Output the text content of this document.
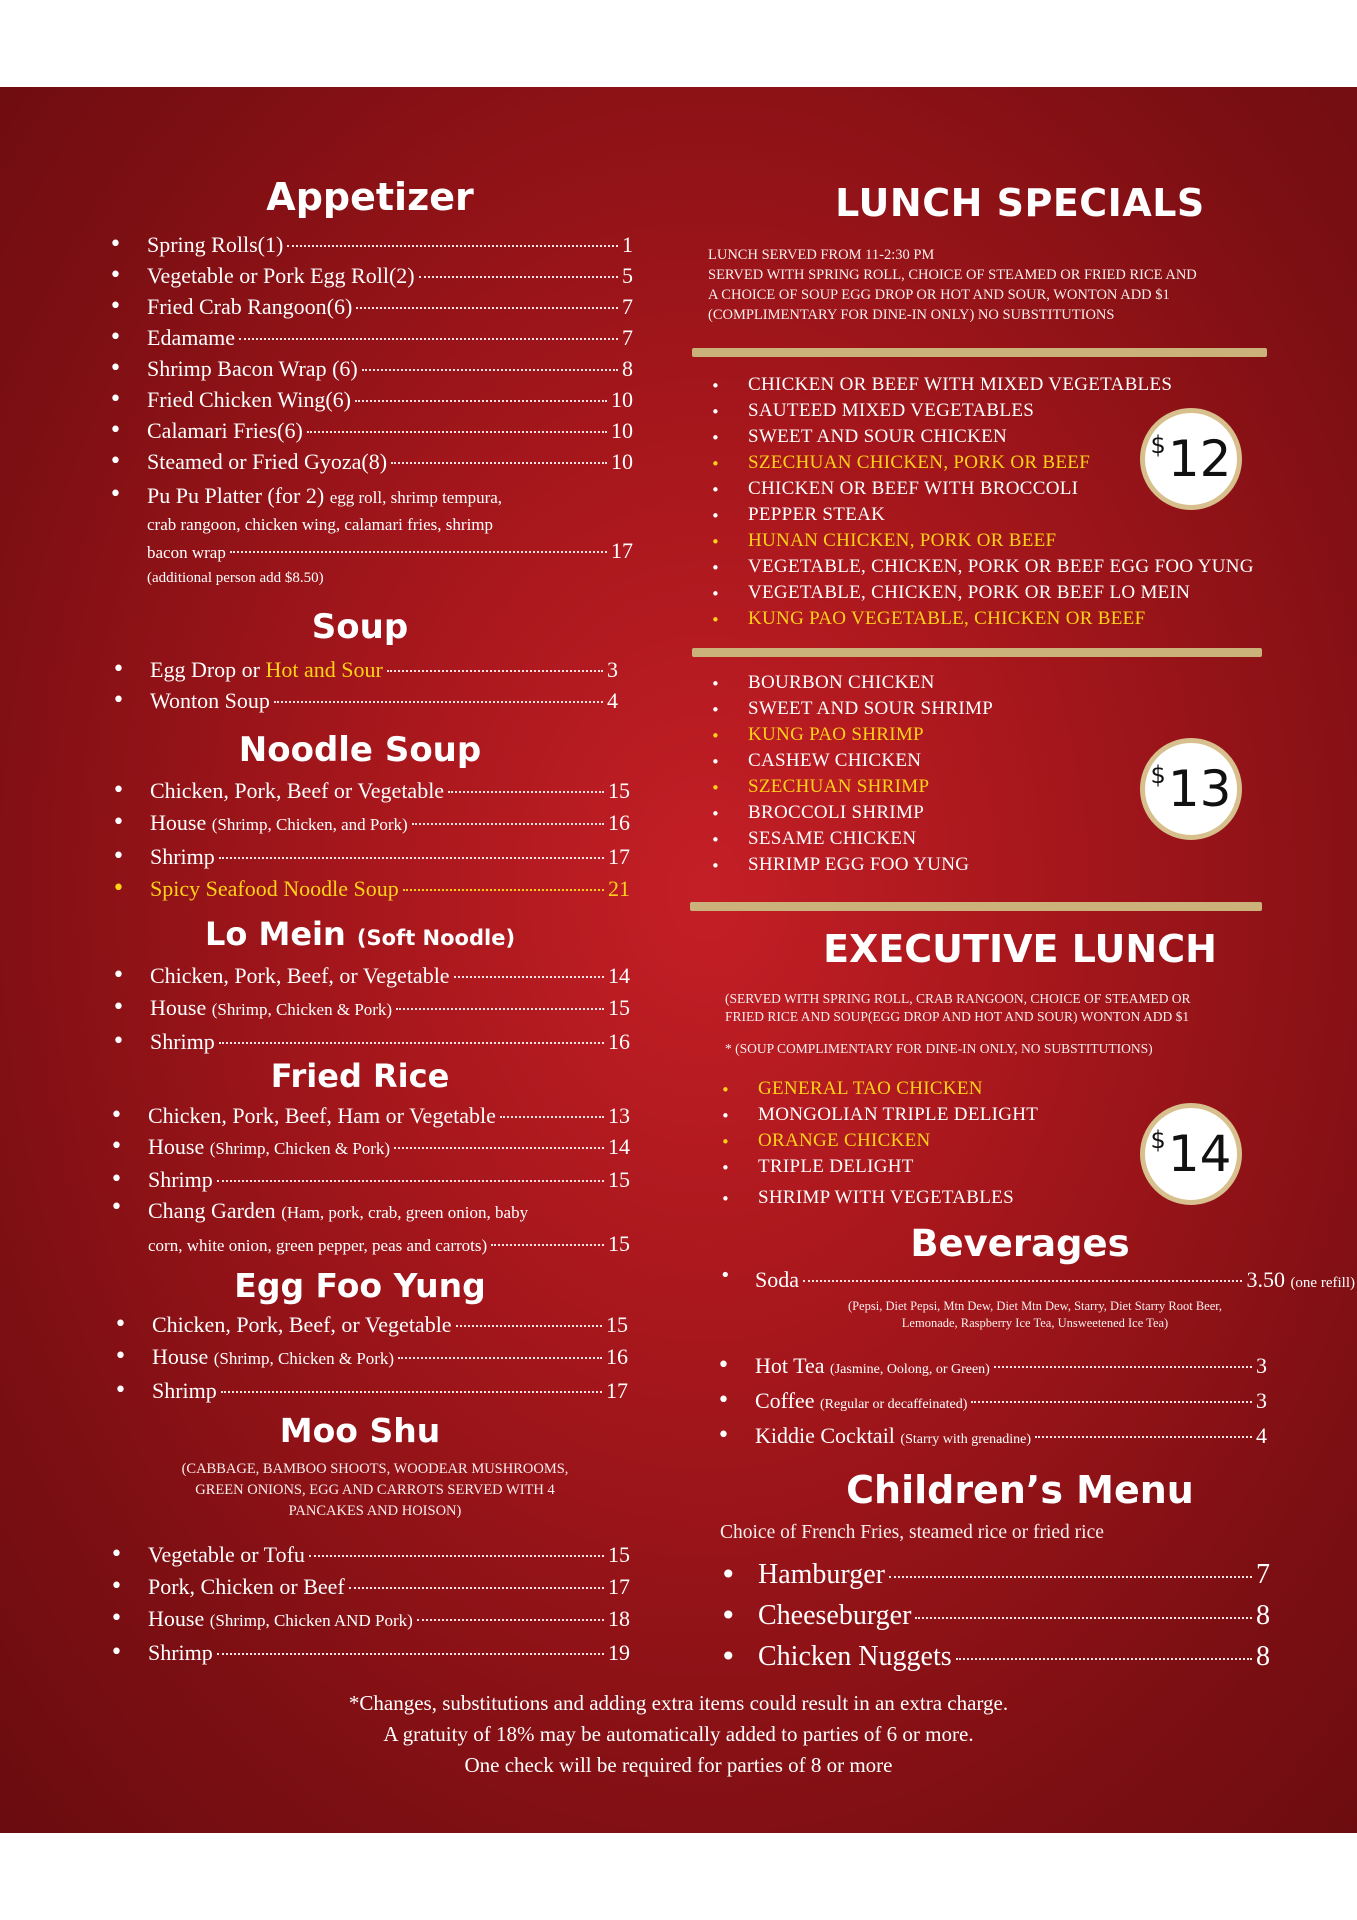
Appetizer
• Spring Rolls(1)	1
• Vegetable or Pork Egg Roll(2)	5
• Fried Crab Rangoon(6)	7
• Edamame	7
• Shrimp Bacon Wrap (6)	8
• Fried Chicken Wing(6)	10
• Calamari Fries(6)	10
• Steamed or Fried Gyoza(8)	10
• Pu Pu Platter (for 2) egg roll, shrimp tempura,
crab rangoon, chicken wing, calamari fries, shrimp
bacon wrap	17
(additional person add $8.50)
Soup
• Egg Drop or Hot and Sour	3
• Wonton Soup	4
Noodle Soup
• Chicken, Pork, Beef or Vegetable	15
• House (Shrimp, Chicken, and Pork)	16
• Shrimp	17
• Spicy Seafood Noodle Soup	21
Lo Mein (Soft Noodle)
• Chicken, Pork, Beef, or Vegetable	14
• House (Shrimp, Chicken & Pork)	15
• Shrimp	16
Fried Rice
• Chicken, Pork, Beef, Ham or Vegetable	13
• House (Shrimp, Chicken & Pork)	14
• Shrimp	15
• Chang Garden (Ham, pork, crab, green onion, baby
corn, white onion, green pepper, peas and carrots)	15
Egg Foo Yung
• Chicken, Pork, Beef, or Vegetable	15
• House (Shrimp, Chicken & Pork)	16
• Shrimp	17
Moo Shu
(CABBAGE, BAMBOO SHOOTS, WOODEAR MUSHROOMS,
GREEN ONIONS, EGG AND CARROTS SERVED WITH 4
PANCAKES AND HOISON)
• Vegetable or Tofu	15
• Pork, Chicken or Beef	17
• House (Shrimp, Chicken AND Pork)	18
• Shrimp	19
LUNCH SPECIALS
LUNCH SERVED FROM 11-2:30 PM
SERVED WITH SPRING ROLL, CHOICE OF STEAMED OR FRIED RICE AND
A CHOICE OF SOUP EGG DROP OR HOT AND SOUR, WONTON ADD $1
(COMPLIMENTARY FOR DINE-IN ONLY) NO SUBSTITUTIONS
• CHICKEN OR BEEF WITH MIXED VEGETABLES
• SAUTEED MIXED VEGETABLES
• SWEET AND SOUR CHICKEN
• SZECHUAN CHICKEN, PORK OR BEEF
• CHICKEN OR BEEF WITH BROCCOLI
• PEPPER STEAK
• HUNAN CHICKEN, PORK OR BEEF
• VEGETABLE, CHICKEN, PORK OR BEEF EGG FOO YUNG
• VEGETABLE, CHICKEN, PORK OR BEEF LO MEIN
• KUNG PAO VEGETABLE, CHICKEN OR BEEF
$ 12
• BOURBON CHICKEN
• SWEET AND SOUR SHRIMP
• KUNG PAO SHRIMP
• CASHEW CHICKEN
• SZECHUAN SHRIMP
• BROCCOLI SHRIMP
• SESAME CHICKEN
• SHRIMP EGG FOO YUNG
$ 13
EXECUTIVE LUNCH
(SERVED WITH SPRING ROLL, CRAB RANGOON, CHOICE OF STEAMED OR
FRIED RICE AND SOUP(EGG DROP AND HOT AND SOUR) WONTON ADD $1
* (SOUP COMPLIMENTARY FOR DINE-IN ONLY, NO SUBSTITUTIONS)
• GENERAL TAO CHICKEN
• MONGOLIAN TRIPLE DELIGHT
• ORANGE CHICKEN
• TRIPLE DELIGHT
• SHRIMP WITH VEGETABLES
$ 14
Beverages
• Soda	3.50
(one refill)
(Pepsi, Diet Pepsi, Mtn Dew, Diet Mtn Dew, Starry, Diet Starry Root Beer,
Lemonade, Raspberry Ice Tea, Unsweetened Ice Tea)
• Hot Tea (Jasmine, Oolong, or Green)	3
• Coffee (Regular or decaffeinated)	3
• Kiddie Cocktail (Starry with grenadine)	4
Children’s Menu
Choice of French Fries, steamed rice or fried rice
• Hamburger	7
• Cheeseburger	8
• Chicken Nuggets	8
*Changes, substitutions and adding extra items could result in an extra charge.
A gratuity of 18% may be automatically added to parties of 6 or more.
One check will be required for parties of 8 or more
